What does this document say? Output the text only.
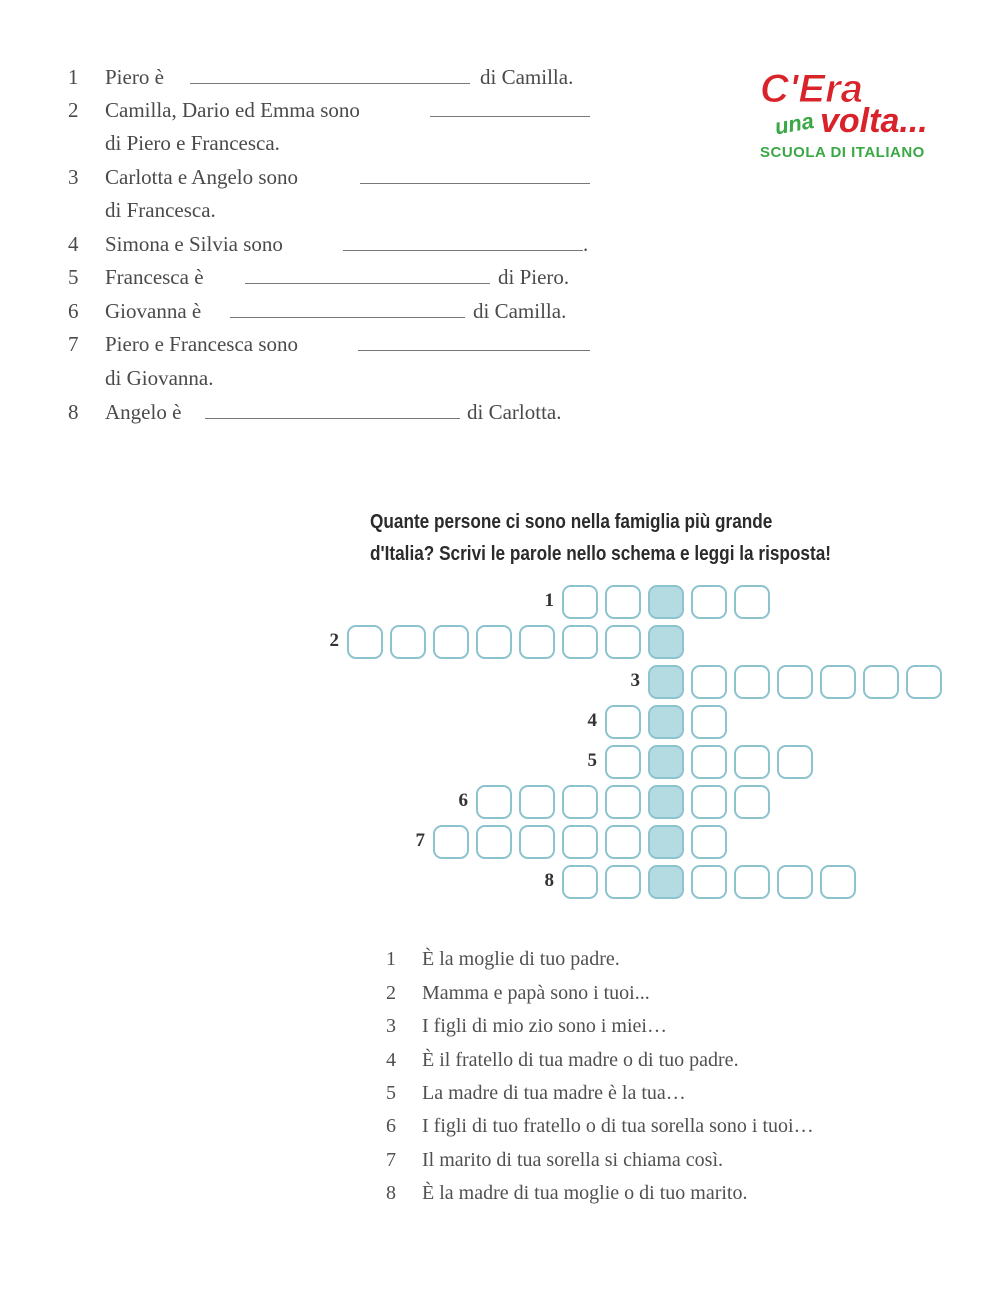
1 Piero è	di Camilla.
2 Camilla, Dario ed Emma sono
di Piero e Francesca.
3 Carlotta e Angelo sono
di Francesca.
4 Simona e Silvia sono	.
5 Francesca è	di Piero.
6 Giovanna è	di Camilla.
7 Piero e Francesca sono
di Giovanna.
8 Angelo è	di Carlotta.
C'Era
una volta...
SCUOLA DI ITALIANO
Quante persone ci sono nella famiglia più grande
d'Italia? Scrivi le parole nello schema e leggi la risposta!
1
2
3
4
5
6
7
8
1 È la moglie di tuo padre.
2 Mamma e papà sono i tuoi...
3 I figli di mio zio sono i miei…
4 È il fratello di tua madre o di tuo padre.
5 La madre di tua madre è la tua…
6 I figli di tuo fratello o di tua sorella sono i tuoi…
7 Il marito di tua sorella si chiama così.
8 È la madre di tua moglie o di tuo marito.
